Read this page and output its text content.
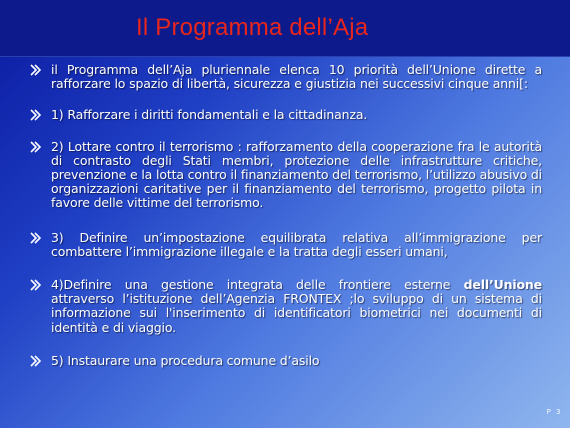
Il Programma dell’Aja
il Programma dell’Aja pluriennale elenca 10 priorità dell’Unione dirette a rafforzare lo spazio di libertà, sicurezza e giustizia nei successivi cinque anni[:
1) Rafforzare i diritti fondamentali e la cittadinanza.
2) Lottare contro il terrorismo : rafforzamento della cooperazione fra le autorità di contrasto degli Stati membri, protezione delle infrastrutture critiche, prevenzione e la lotta contro il finanziamento del terrorismo, l’utilizzo abusivo di organizzazioni caritative per il finanziamento del terrorismo, progetto pilota in favore delle vittime del terrorismo.
3) Definire un’impostazione equilibrata relativa all’immigrazione per combattere l’immigrazione illegale e la tratta degli esseri umani,
4)Definire una gestione integrata delle frontiere esterne dell’Unione attraverso l’istituzione dell’Agenzia FRONTEX ;lo sviluppo di un sistema di informazione sui l'inserimento di identificatori biometrici nei documenti di identità e di viaggio.
5) Instaurare una procedura comune d’asilo
P 3
